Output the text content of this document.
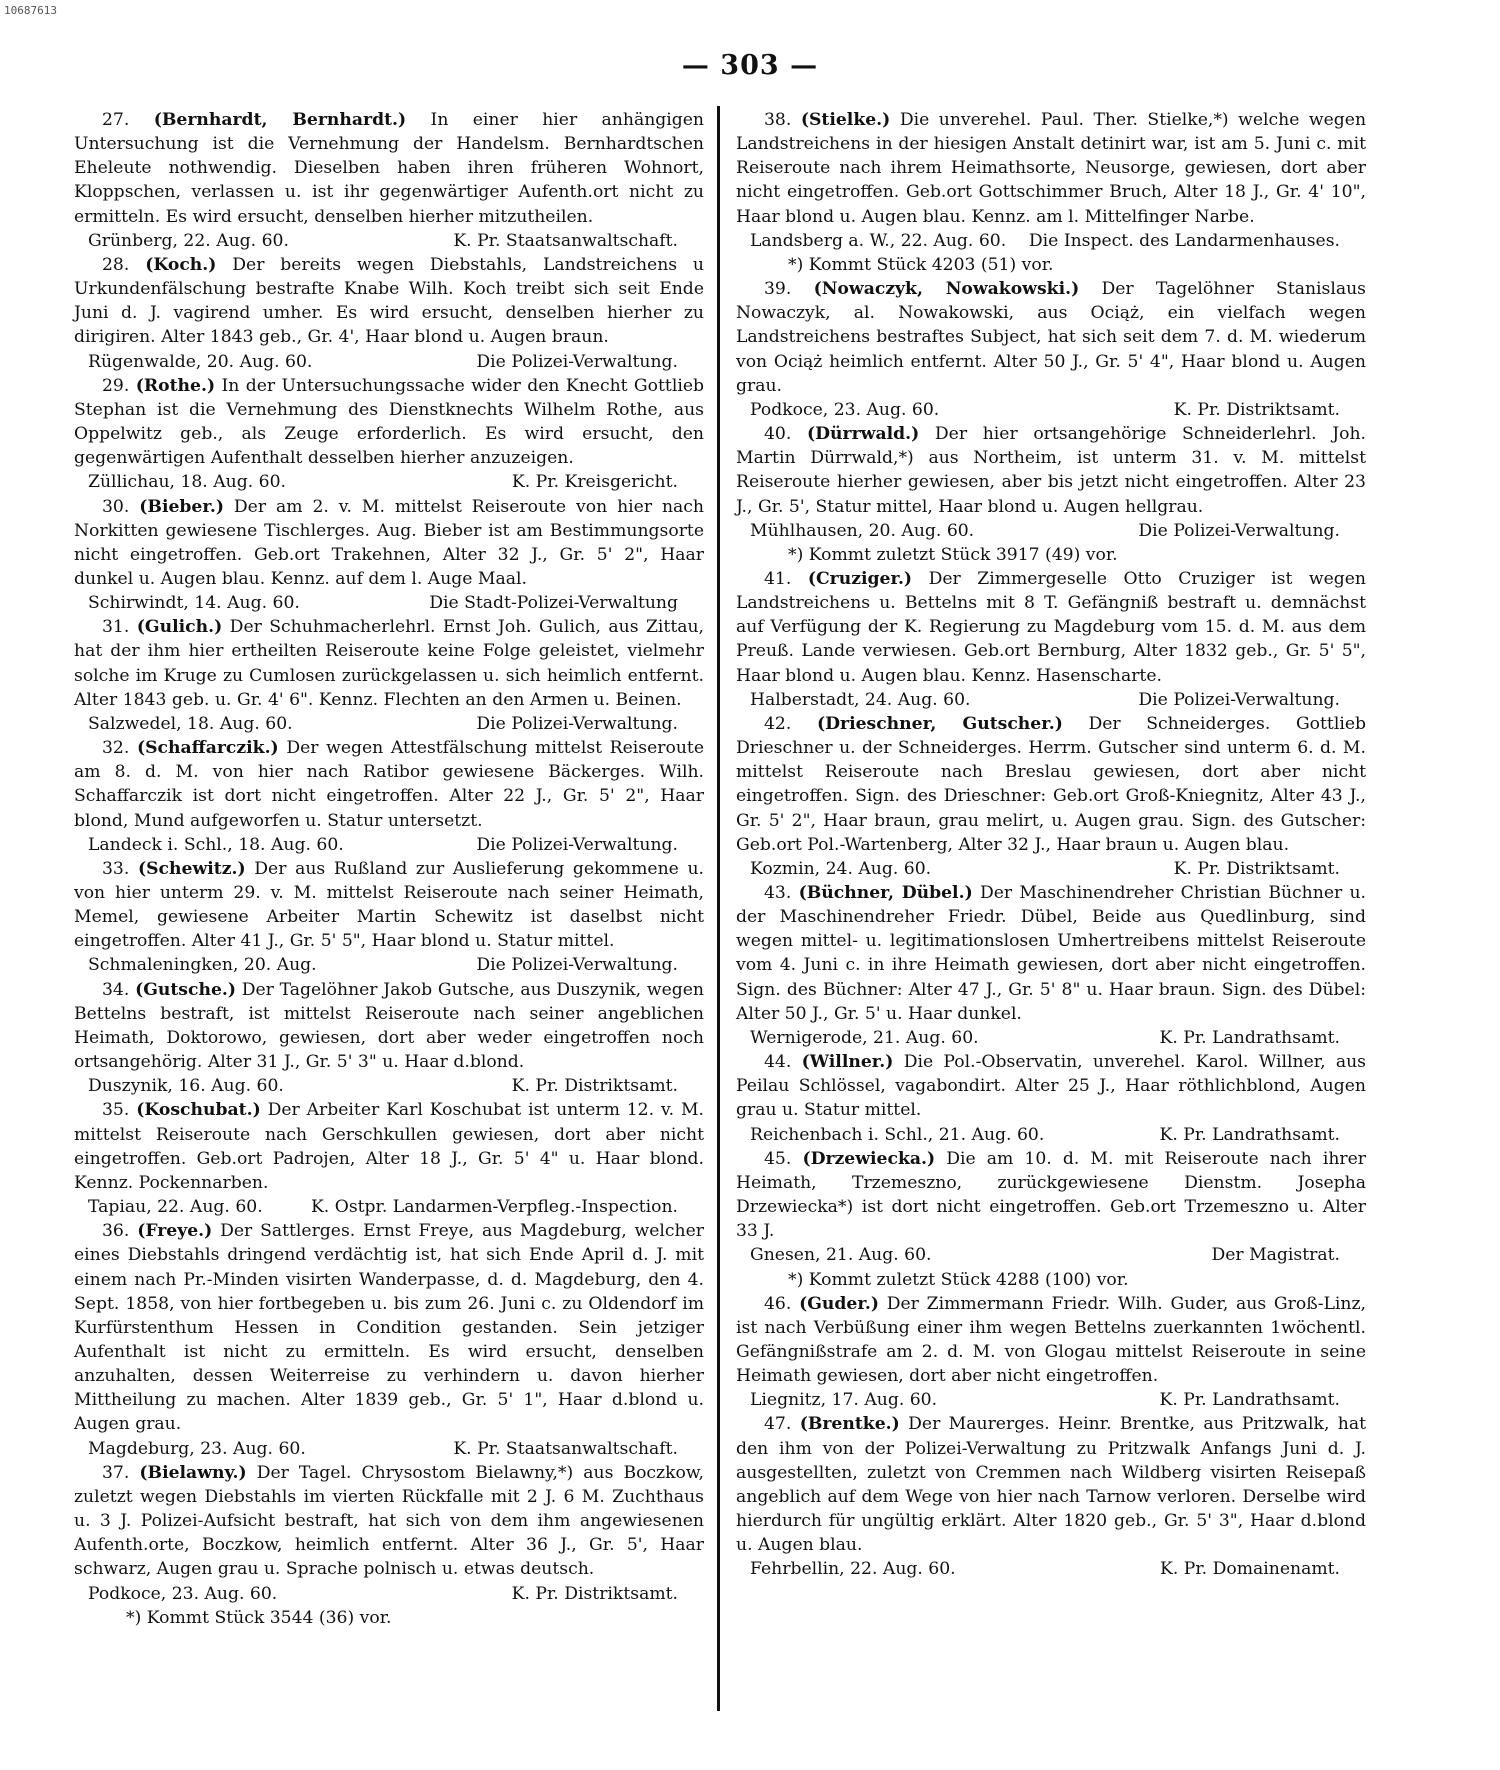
10687613
— 303 —
27. (Bernhardt, Bernhardt.) In einer hier anhängigen Untersuchung ist die Vernehmung der Handelsm. Bernhardtschen Eheleute nothwendig. Dieselben haben ihren früheren Wohnort, Kloppschen, verlassen u. ist ihr gegenwärtiger Aufenth.ort nicht zu ermitteln. Es wird ersucht, denselben hierher mitzutheilen.
Grünberg, 22. Aug. 60.	K. Pr. Staatsanwaltschaft.
28. (Koch.) Der bereits wegen Diebstahls, Landstreichens u Urkundenfälschung bestrafte Knabe Wilh. Koch treibt sich seit Ende Juni d. J. vagirend umher. Es wird ersucht, denselben hierher zu dirigiren. Alter 1843 geb., Gr. 4', Haar blond u. Augen braun.
Rügenwalde, 20. Aug. 60.	Die Polizei-Verwaltung.
29. (Rothe.) In der Untersuchungssache wider den Knecht Gottlieb Stephan ist die Vernehmung des Dienstknechts Wilhelm Rothe, aus Oppelwitz geb., als Zeuge erforderlich. Es wird ersucht, den gegenwärtigen Aufenthalt desselben hierher anzuzeigen.
Züllichau, 18. Aug. 60.	K. Pr. Kreisgericht.
30. (Bieber.) Der am 2. v. M. mittelst Reiseroute von hier nach Norkitten gewiesene Tischlerges. Aug. Bieber ist am Bestimmungsorte nicht eingetroffen. Geb.ort Trakehnen, Alter 32 J., Gr. 5' 2", Haar dunkel u. Augen blau. Kennz. auf dem l. Auge Maal.
Schirwindt, 14. Aug. 60.	Die Stadt-Polizei-Verwaltung
31. (Gulich.) Der Schuhmacherlehrl. Ernst Joh. Gulich, aus Zittau, hat der ihm hier ertheilten Reiseroute keine Folge geleistet, vielmehr solche im Kruge zu Cumlosen zurückgelassen u. sich heimlich entfernt. Alter 1843 geb. u. Gr. 4' 6". Kennz. Flechten an den Armen u. Beinen.
Salzwedel, 18. Aug. 60.	Die Polizei-Verwaltung.
32. (Schaffarczik.) Der wegen Attestfälschung mittelst Reiseroute am 8. d. M. von hier nach Ratibor gewiesene Bäckerges. Wilh. Schaffarczik ist dort nicht eingetroffen. Alter 22 J., Gr. 5' 2", Haar blond, Mund aufgeworfen u. Statur untersetzt.
Landeck i. Schl., 18. Aug. 60.	Die Polizei-Verwaltung.
33. (Schewitz.) Der aus Rußland zur Auslieferung gekommene u. von hier unterm 29. v. M. mittelst Reiseroute nach seiner Heimath, Memel, gewiesene Arbeiter Martin Schewitz ist daselbst nicht eingetroffen. Alter 41 J., Gr. 5' 5", Haar blond u. Statur mittel.
Schmaleningken, 20. Aug.	Die Polizei-Verwaltung.
34. (Gutsche.) Der Tagelöhner Jakob Gutsche, aus Duszynik, wegen Bettelns bestraft, ist mittelst Reiseroute nach seiner angeblichen Heimath, Doktorowo, gewiesen, dort aber weder eingetroffen noch ortsangehörig. Alter 31 J., Gr. 5' 3" u. Haar d.blond.
Duszynik, 16. Aug. 60.	K. Pr. Distriktsamt.
35. (Koschubat.) Der Arbeiter Karl Koschubat ist unterm 12. v. M. mittelst Reiseroute nach Gerschkullen gewiesen, dort aber nicht eingetroffen. Geb.ort Padrojen, Alter 18 J., Gr. 5' 4" u. Haar blond. Kennz. Pockennarben.
Tapiau, 22. Aug. 60.	K. Ostpr. Landarmen-Verpfleg.-Inspection.
36. (Freye.) Der Sattlerges. Ernst Freye, aus Magdeburg, welcher eines Diebstahls dringend verdächtig ist, hat sich Ende April d. J. mit einem nach Pr.-Minden visirten Wanderpasse, d. d. Magdeburg, den 4. Sept. 1858, von hier fortbegeben u. bis zum 26. Juni c. zu Oldendorf im Kurfürstenthum Hessen in Condition gestanden. Sein jetziger Aufenthalt ist nicht zu ermitteln. Es wird ersucht, denselben anzuhalten, dessen Weiterreise zu verhindern u. davon hierher Mittheilung zu machen. Alter 1839 geb., Gr. 5' 1", Haar d.blond u. Augen grau.
Magdeburg, 23. Aug. 60.	K. Pr. Staatsanwaltschaft.
37. (Bielawny.) Der Tagel. Chrysostom Bielawny,*) aus Boczkow, zuletzt wegen Diebstahls im vierten Rückfalle mit 2 J. 6 M. Zuchthaus u. 3 J. Polizei-Aufsicht bestraft, hat sich von dem ihm angewiesenen Aufenth.orte, Boczkow, heimlich entfernt. Alter 36 J., Gr. 5', Haar schwarz, Augen grau u. Sprache polnisch u. etwas deutsch.
Podkoce, 23. Aug. 60.	K. Pr. Distriktsamt.
*) Kommt Stück 3544 (36) vor.
38. (Stielke.) Die unverehel. Paul. Ther. Stielke,*) welche wegen Landstreichens in der hiesigen Anstalt detinirt war, ist am 5. Juni c. mit Reiseroute nach ihrem Heimathsorte, Neusorge, gewiesen, dort aber nicht eingetroffen. Geb.ort Gottschimmer Bruch, Alter 18 J., Gr. 4' 10", Haar blond u. Augen blau. Kennz. am l. Mittelfinger Narbe.
Landsberg a. W., 22. Aug. 60. Die Inspect. des Landarmenhauses.
*) Kommt Stück 4203 (51) vor.
39. (Nowaczyk, Nowakowski.) Der Tagelöhner Stanislaus Nowaczyk, al. Nowakowski, aus Ociąż, ein vielfach wegen Landstreichens bestraftes Subject, hat sich seit dem 7. d. M. wiederum von Ociąż heimlich entfernt. Alter 50 J., Gr. 5' 4", Haar blond u. Augen grau.
Podkoce, 23. Aug. 60.	K. Pr. Distriktsamt.
40. (Dürrwald.) Der hier ortsangehörige Schneiderlehrl. Joh. Martin Dürrwald,*) aus Northeim, ist unterm 31. v. M. mittelst Reiseroute hierher gewiesen, aber bis jetzt nicht eingetroffen. Alter 23 J., Gr. 5', Statur mittel, Haar blond u. Augen hellgrau.
Mühlhausen, 20. Aug. 60.	Die Polizei-Verwaltung.
*) Kommt zuletzt Stück 3917 (49) vor.
41. (Cruziger.) Der Zimmergeselle Otto Cruziger ist wegen Landstreichens u. Bettelns mit 8 T. Gefängniß bestraft u. demnächst auf Verfügung der K. Regierung zu Magdeburg vom 15. d. M. aus dem Preuß. Lande verwiesen. Geb.ort Bernburg, Alter 1832 geb., Gr. 5' 5", Haar blond u. Augen blau. Kennz. Hasenscharte.
Halberstadt, 24. Aug. 60.	Die Polizei-Verwaltung.
42. (Drieschner, Gutscher.) Der Schneiderges. Gottlieb Drieschner u. der Schneiderges. Herrm. Gutscher sind unterm 6. d. M. mittelst Reiseroute nach Breslau gewiesen, dort aber nicht eingetroffen. Sign. des Drieschner: Geb.ort Groß-Kniegnitz, Alter 43 J., Gr. 5' 2", Haar braun, grau melirt, u. Augen grau. Sign. des Gutscher: Geb.ort Pol.-Wartenberg, Alter 32 J., Haar braun u. Augen blau.
Kozmin, 24. Aug. 60.	K. Pr. Distriktsamt.
43. (Büchner, Dübel.) Der Maschinendreher Christian Büchner u. der Maschinendreher Friedr. Dübel, Beide aus Quedlinburg, sind wegen mittel- u. legitimationslosen Umhertreibens mittelst Reiseroute vom 4. Juni c. in ihre Heimath gewiesen, dort aber nicht eingetroffen. Sign. des Büchner: Alter 47 J., Gr. 5' 8" u. Haar braun. Sign. des Dübel: Alter 50 J., Gr. 5' u. Haar dunkel.
Wernigerode, 21. Aug. 60.	K. Pr. Landrathsamt.
44. (Willner.) Die Pol.-Observatin, unverehel. Karol. Willner, aus Peilau Schlössel, vagabondirt. Alter 25 J., Haar röthlichblond, Augen grau u. Statur mittel.
Reichenbach i. Schl., 21. Aug. 60.	K. Pr. Landrathsamt.
45. (Drzewiecka.) Die am 10. d. M. mit Reiseroute nach ihrer Heimath, Trzemeszno, zurückgewiesene Dienstm. Josepha Drzewiecka*) ist dort nicht eingetroffen. Geb.ort Trzemeszno u. Alter 33 J.
Gnesen, 21. Aug. 60.	Der Magistrat.
*) Kommt zuletzt Stück 4288 (100) vor.
46. (Guder.) Der Zimmermann Friedr. Wilh. Guder, aus Groß-Linz, ist nach Verbüßung einer ihm wegen Bettelns zuerkannten 1wöchentl. Gefängnißstrafe am 2. d. M. von Glogau mittelst Reiseroute in seine Heimath gewiesen, dort aber nicht eingetroffen.
Liegnitz, 17. Aug. 60.	K. Pr. Landrathsamt.
47. (Brentke.) Der Maurerges. Heinr. Brentke, aus Pritzwalk, hat den ihm von der Polizei-Verwaltung zu Pritzwalk Anfangs Juni d. J. ausgestellten, zuletzt von Cremmen nach Wildberg visirten Reisepaß angeblich auf dem Wege von hier nach Tarnow verloren. Derselbe wird hierdurch für ungültig erklärt. Alter 1820 geb., Gr. 5' 3", Haar d.blond u. Augen blau.
Fehrbellin, 22. Aug. 60.	K. Pr. Domainenamt.
